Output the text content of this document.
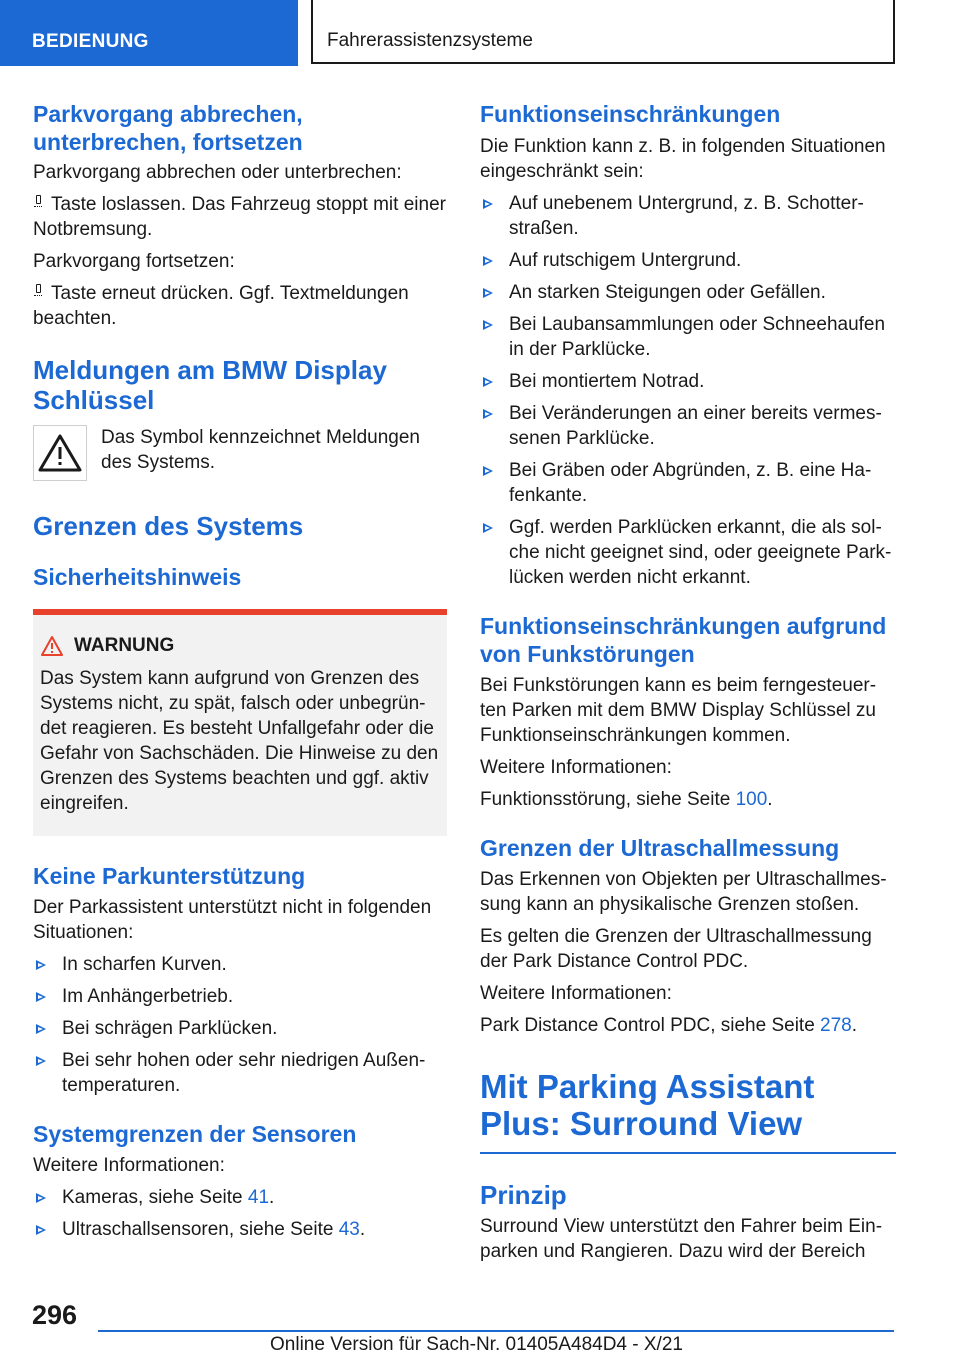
BEDIENUNG	Fahrerassistenzsysteme
Parkvorgang abbrechen, unterbrechen, fortsetzen

Parkvorgang abbrechen oder unterbrechen:

Taste loslassen. Das Fahrzeug stoppt mit einer Notbremsung.

Parkvorgang fortsetzen:

Taste erneut drücken. Ggf. Textmeldungen beachten.

Meldungen am BMW Display Schlüssel

Das Symbol kennzeichnet Meldungen des Systems.

Grenzen des Systems
Sicherheitshinweis
WARNUNG

Das System kann aufgrund von Grenzen des Systems nicht, zu spät, falsch oder unbegründet reagieren. Es besteht Unfallgefahr oder die Gefahr von Sachschäden. Die Hinweise zu den Grenzen des Systems beachten und ggf. aktiv eingreifen.

Keine Parkunterstützung

Der Parkassistent unterstützt nicht in folgenden Situationen:

In scharfen Kurven.
Im Anhängerbetrieb.
Bei schrägen Parklücken.
Bei sehr hohen oder sehr niedrigen Außentemperaturen.
Systemgrenzen der Sensoren

Weitere Informationen:

Kameras, siehe Seite 41.
Ultraschallsensoren, siehe Seite 43.
Funktionseinschränkungen

Die Funktion kann z. B. in folgenden Situationen eingeschränkt sein:

Auf unebenem Untergrund, z. B. Schotterstraßen.
Auf rutschigem Untergrund.
An starken Steigungen oder Gefällen.
Bei Laubansammlungen oder Schneehaufen in der Parklücke.
Bei montiertem Notrad.
Bei Veränderungen an einer bereits vermessenen Parklücke.
Bei Gräben oder Abgründen, z. B. eine Hafenkante.
Ggf. werden Parklücken erkannt, die als solche nicht geeignet sind, oder geeignete Parklücken werden nicht erkannt.
Funktionseinschränkungen aufgrund von Funkstörungen

Bei Funkstörungen kann es beim ferngesteuerten Parken mit dem BMW Display Schlüssel zu Funktionseinschränkungen kommen.

Weitere Informationen:

Funktionsstörung, siehe Seite 100.

Grenzen der Ultraschallmessung

Das Erkennen von Objekten per Ultraschallmessung kann an physikalische Grenzen stoßen.

Es gelten die Grenzen der Ultraschallmessung der Park Distance Control PDC.

Weitere Informationen:

Park Distance Control PDC, siehe Seite 278.

Mit Parking Assistant Plus: Surround View
Prinzip

Surround View unterstützt den Fahrer beim Einparken und Rangieren. Dazu wird der Bereich

296
Online Version für Sach-Nr. 01405A484D4 - X/21
